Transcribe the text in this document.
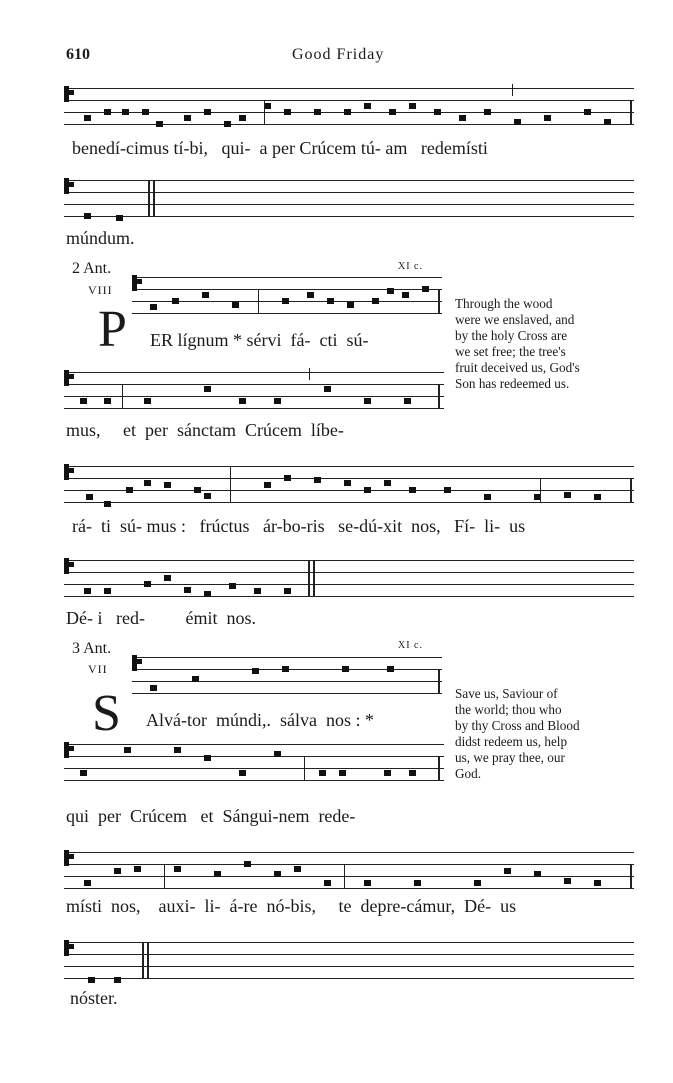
610	Good Friday
benedí-cimus tí-bi,   qui-  a per Crúcem tú- am   redemísti
múndum.
2 Ant.
VIII
XI c.
P ER lígnum * sérvi  fá-  cti  sú-
Through the wood
were we enslaved, and
by the holy Cross are
we set free; the tree's
fruit deceived us, God's
Son has redeemed us.
mus,     et  per  sánctam  Crúcem  líbe-
rá-  ti  sú- mus :   frúctus   ár-bo-ris   se-dú-xit  nos,   Fí-  li-  us
Dé- i   red-         émit  nos.
3 Ant.
VII
XI c.
S Alvá-tor  múndi,.  sálva  nos : *
Save us, Saviour of
the world; thou who
by thy Cross and Blood
didst redeem us, help
us, we pray thee, our
God.
qui  per  Crúcem   et  Sángui-nem  rede-
místi  nos,    auxi-  li-  á-re  nó-bis,     te  depre-cámur,  Dé-  us
nóster.
